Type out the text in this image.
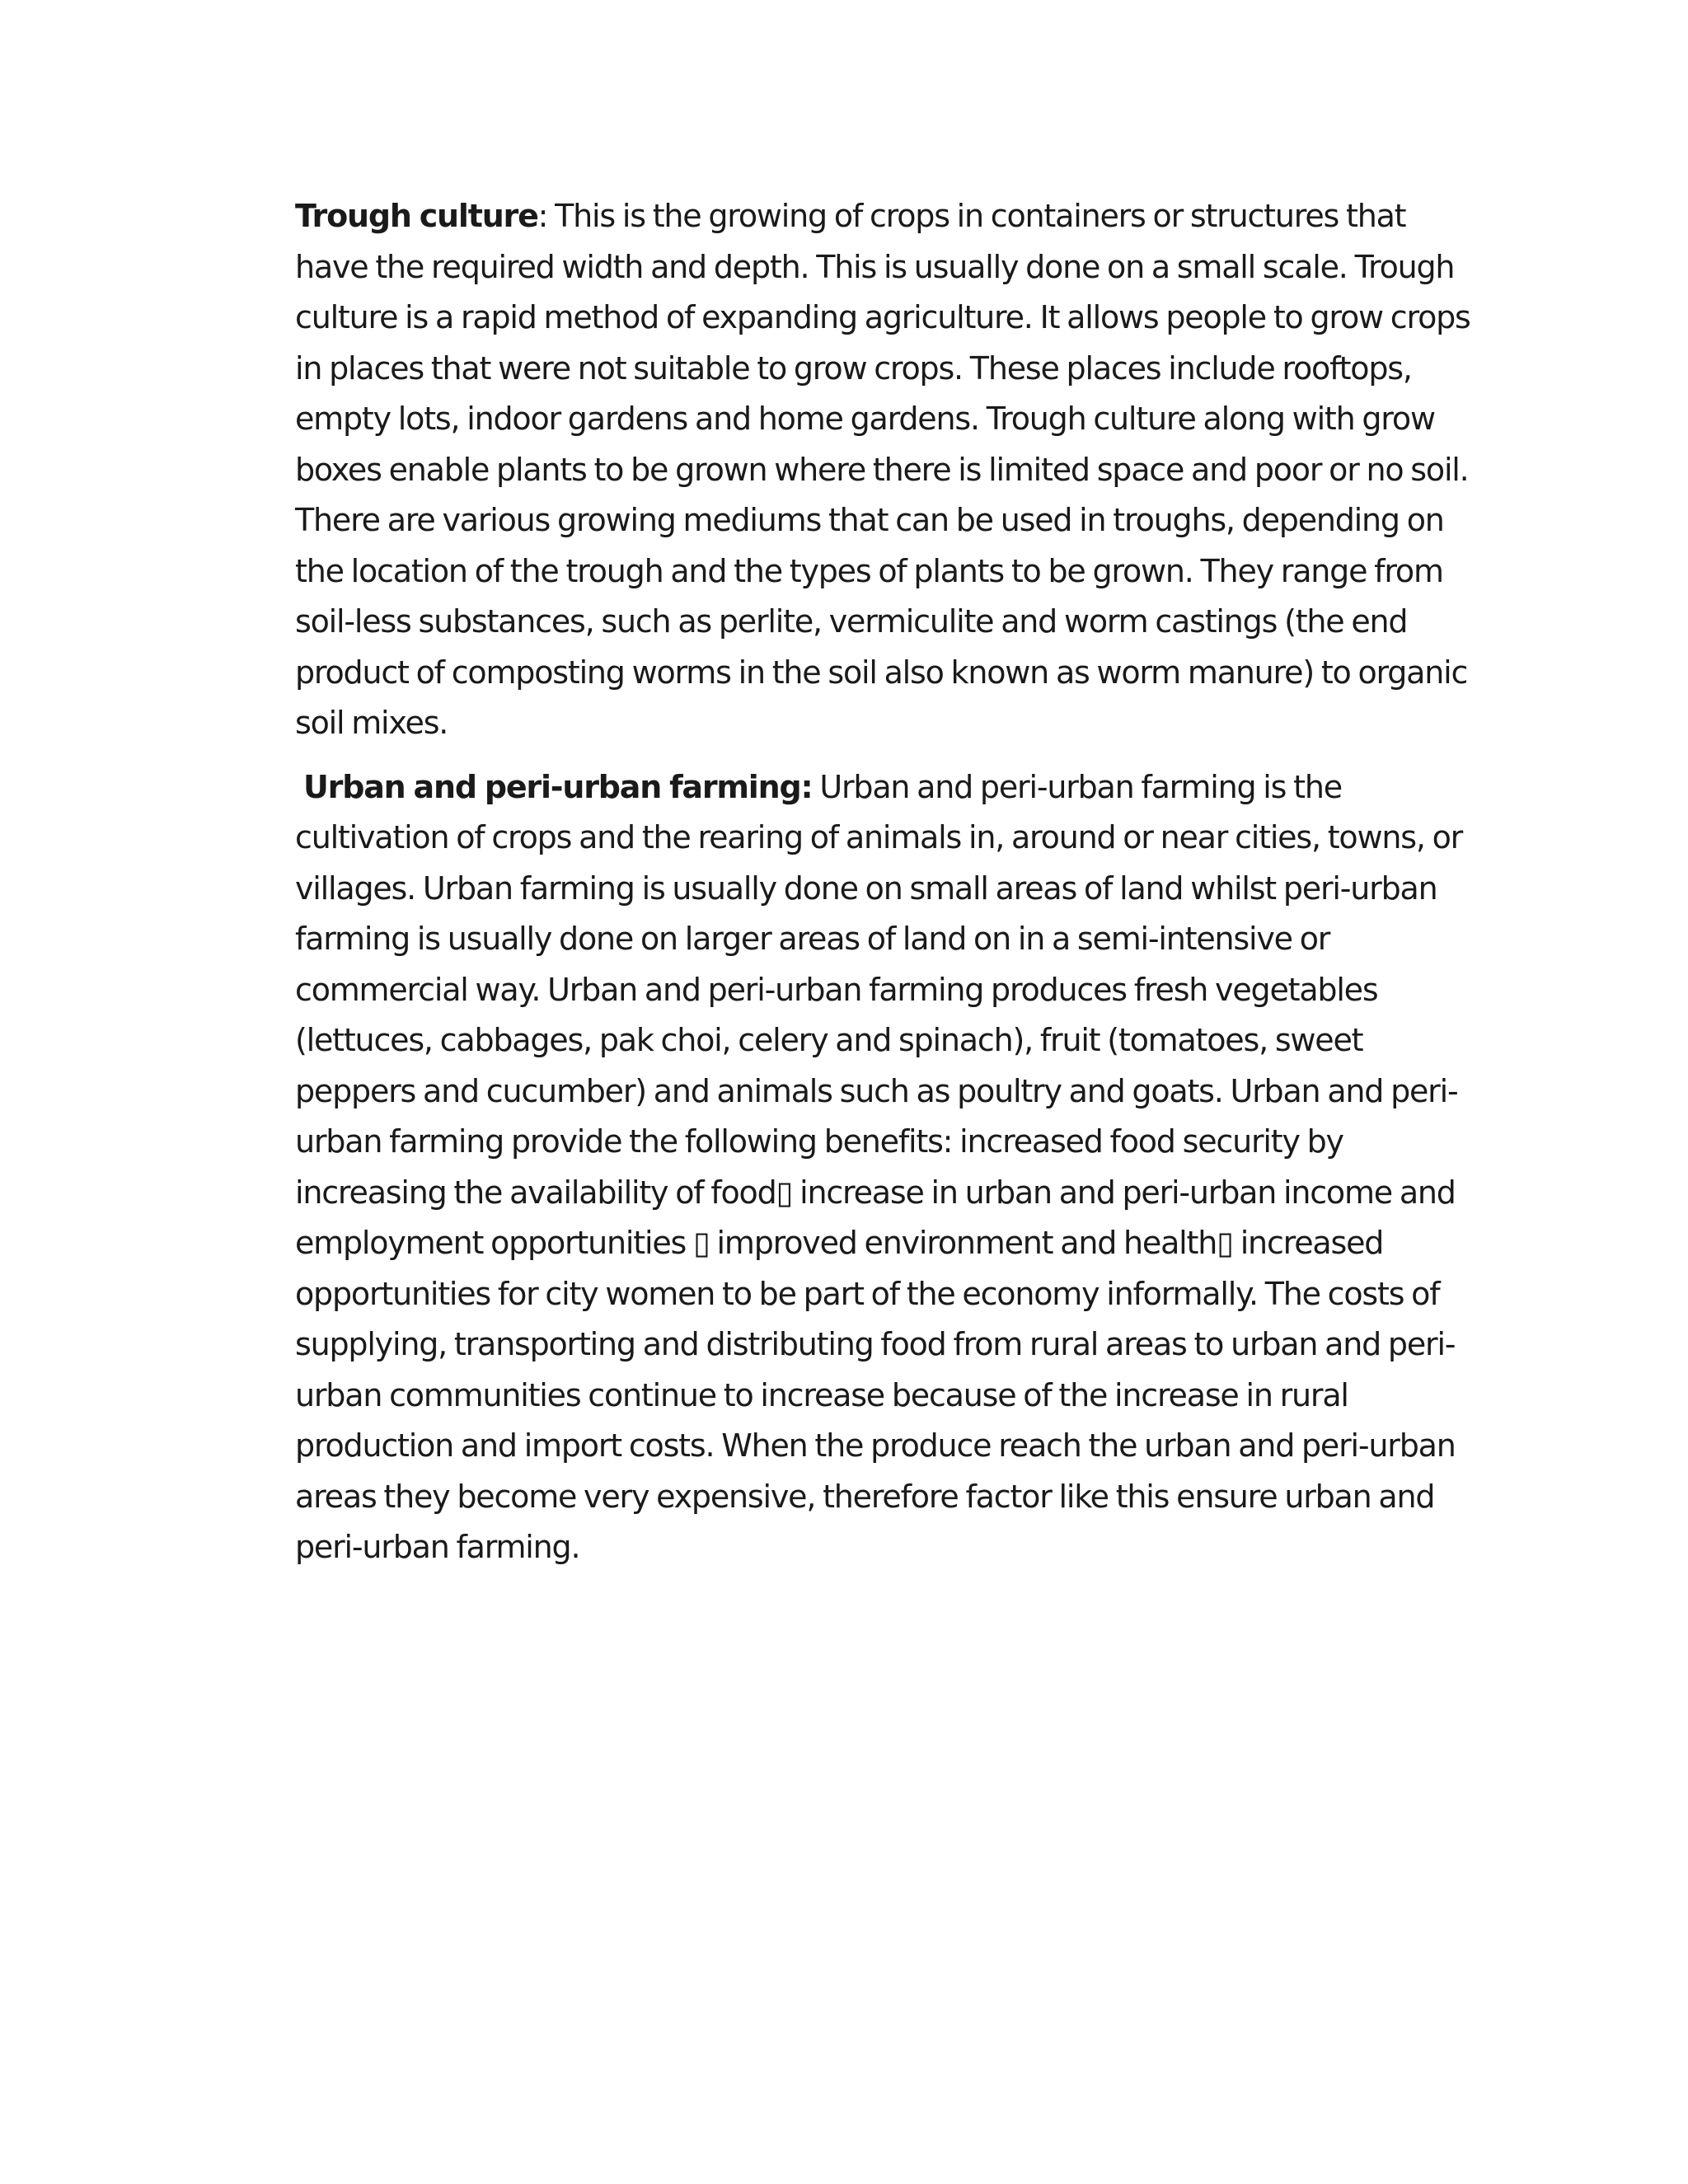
Trough culture: This is the growing of crops in containers or structures that have the required width and depth. This is usually done on a small scale. Trough culture is a rapid method of expanding agriculture. It allows people to grow crops in places that were not suitable to grow crops. These places include rooftops, empty lots, indoor gardens and home gardens. Trough culture along with grow boxes enable plants to be grown where there is limited space and poor or no soil. There are various growing mediums that can be used in troughs, depending on the location of the trough and the types of plants to be grown. They range from soil-less substances, such as perlite, vermiculite and worm castings (the end product of composting worms in the soil also known as worm manure) to organic soil mixes.

Urban and peri-urban farming: Urban and peri-urban farming is the cultivation of crops and the rearing of animals in, around or near cities, towns, or villages. Urban farming is usually done on small areas of land whilst peri-urban farming is usually done on larger areas of land on in a semi-intensive or commercial way. Urban and peri-urban farming produces fresh vegetables (lettuces, cabbages, pak choi, celery and spinach), fruit (tomatoes, sweet peppers and cucumber) and animals such as poultry and goats. Urban and peri-urban farming provide the following benefits: increased food security by increasing the availability of food▯ increase in urban and peri-urban income and employment opportunities ▯ improved environment and health▯ increased opportunities for city women to be part of the economy informally. The costs of supplying, transporting and distributing food from rural areas to urban and peri-urban communities continue to increase because of the increase in rural production and import costs. When the produce reach the urban and peri-urban areas they become very expensive, therefore factor like this ensure urban and peri-urban farming.
